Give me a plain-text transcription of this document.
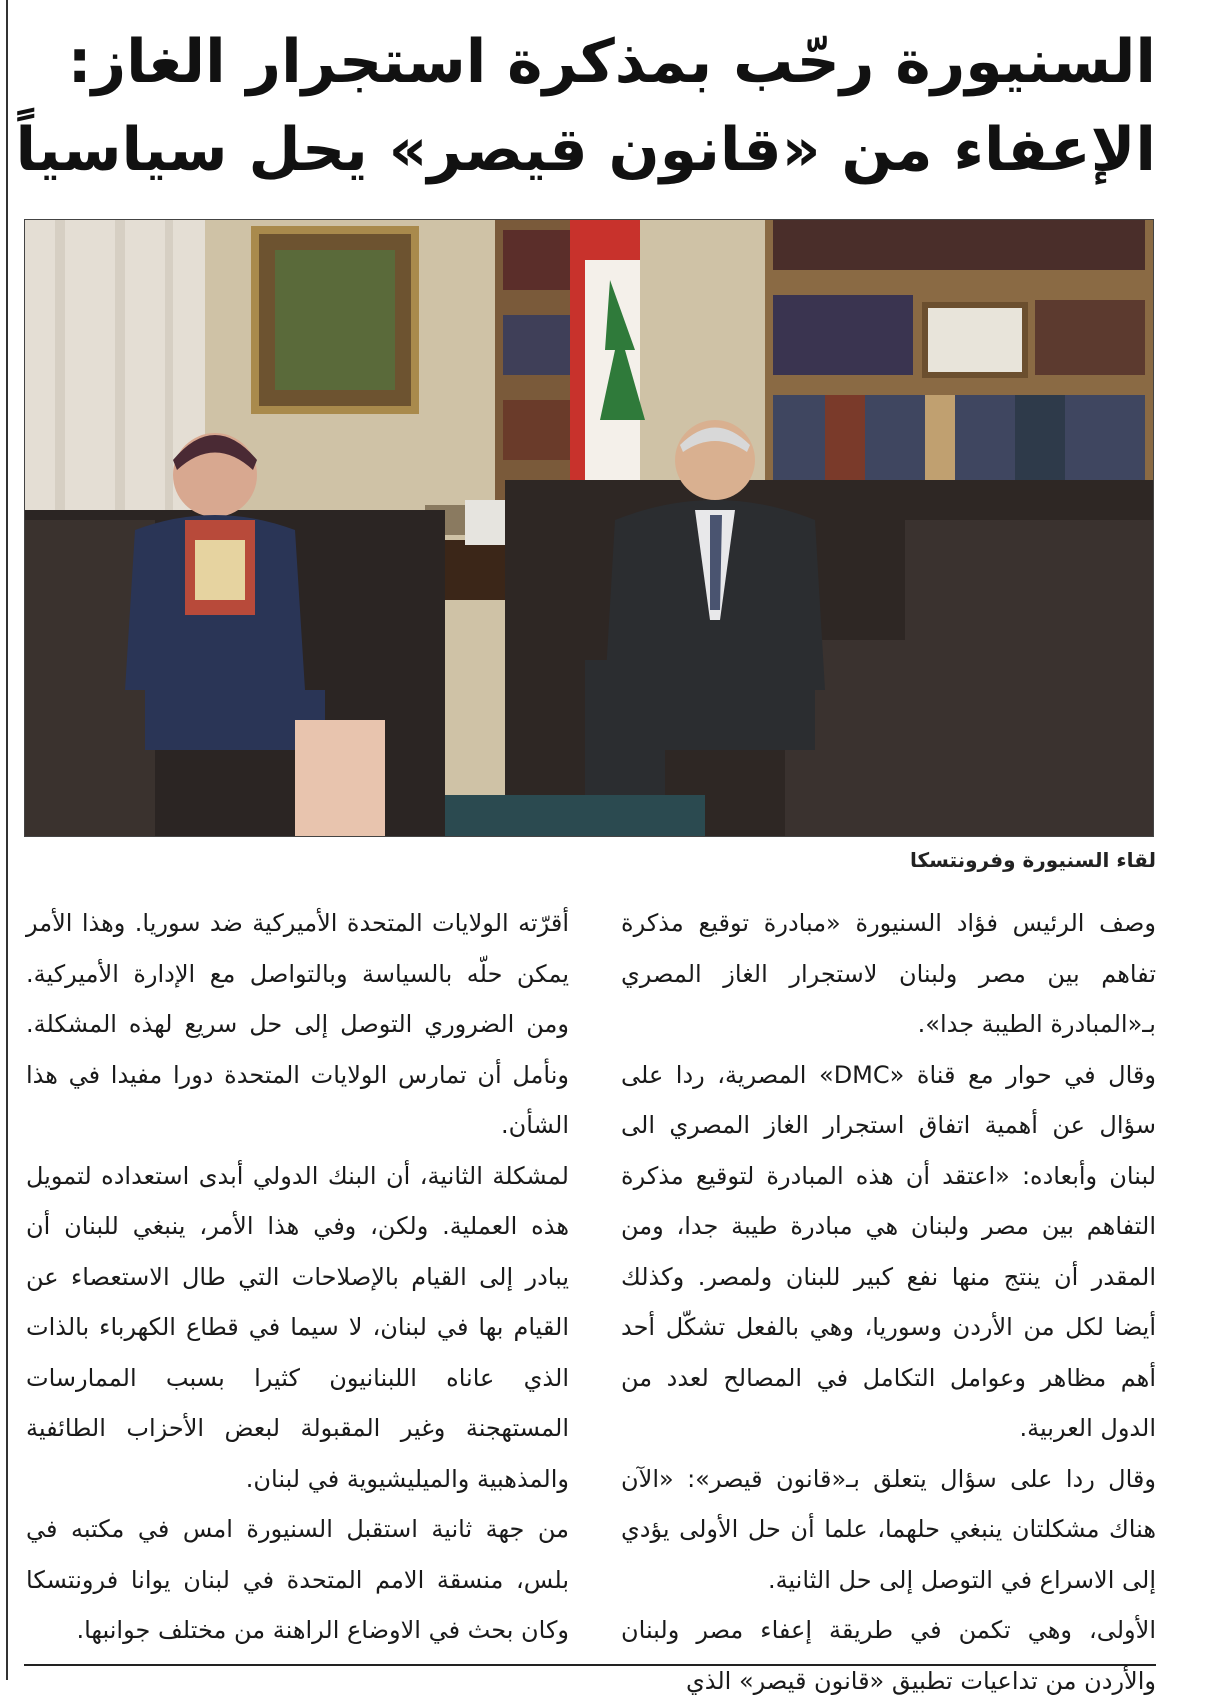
السنيورة رحّب بمذكرة استجرار الغاز:
الإعفاء من «قانون قيصر» يحل سياسياً
لقاء السنيورة وفرونتسكا

وصف الرئيس فؤاد السنيورة «مبادرة توقيع مذكرة تفاهم بين مصر ولبنان لاستجرار الغاز المصري بـ«المبادرة الطيبة جدا».

وقال في حوار مع قناة «DMC» المصرية، ردا على سؤال عن أهمية اتفاق استجرار الغاز المصري الى لبنان وأبعاده: «اعتقد أن هذه المبادرة لتوقيع مذكرة التفاهم بين مصر ولبنان هي مبادرة طيبة جدا، ومن المقدر أن ينتج منها نفع كبير للبنان ولمصر. وكذلك أيضا لكل من الأردن وسوريا، وهي بالفعل تشكّل أحد أهم مظاهر وعوامل التكامل في المصالح لعدد من الدول العربية.

وقال ردا على سؤال يتعلق بـ«قانون قيصر»: «الآن هناك مشكلتان ينبغي حلهما، علما أن حل الأولى يؤدي إلى الاسراع في التوصل إلى حل الثانية.

الأولى، وهي تكمن في طريقة إعفاء مصر ولبنان والأردن من تداعيات تطبيق «قانون قيصر» الذي

أقرّته الولايات المتحدة الأميركية ضد سوريا. وهذا الأمر يمكن حلّه بالسياسة وبالتواصل مع الإدارة الأميركية. ومن الضروري التوصل إلى حل سريع لهذه المشكلة. ونأمل أن تمارس الولايات المتحدة دورا مفيدا في هذا الشأن.

لمشكلة الثانية، أن البنك الدولي أبدى استعداده لتمويل هذه العملية. ولكن، وفي هذا الأمر، ينبغي للبنان أن يبادر إلى القيام بالإصلاحات التي طال الاستعصاء عن القيام بها في لبنان، لا سيما في قطاع الكهرباء بالذات الذي عاناه اللبنانيون كثيرا بسبب الممارسات المستهجنة وغير المقبولة لبعض الأحزاب الطائفية والمذهبية والميليشيوية في لبنان.

من جهة ثانية استقبل السنيورة امس في مكتبه في بلس، منسقة الامم المتحدة في لبنان يوانا فرونتسكا وكان بحث في الاوضاع الراهنة من مختلف جوانبها.
